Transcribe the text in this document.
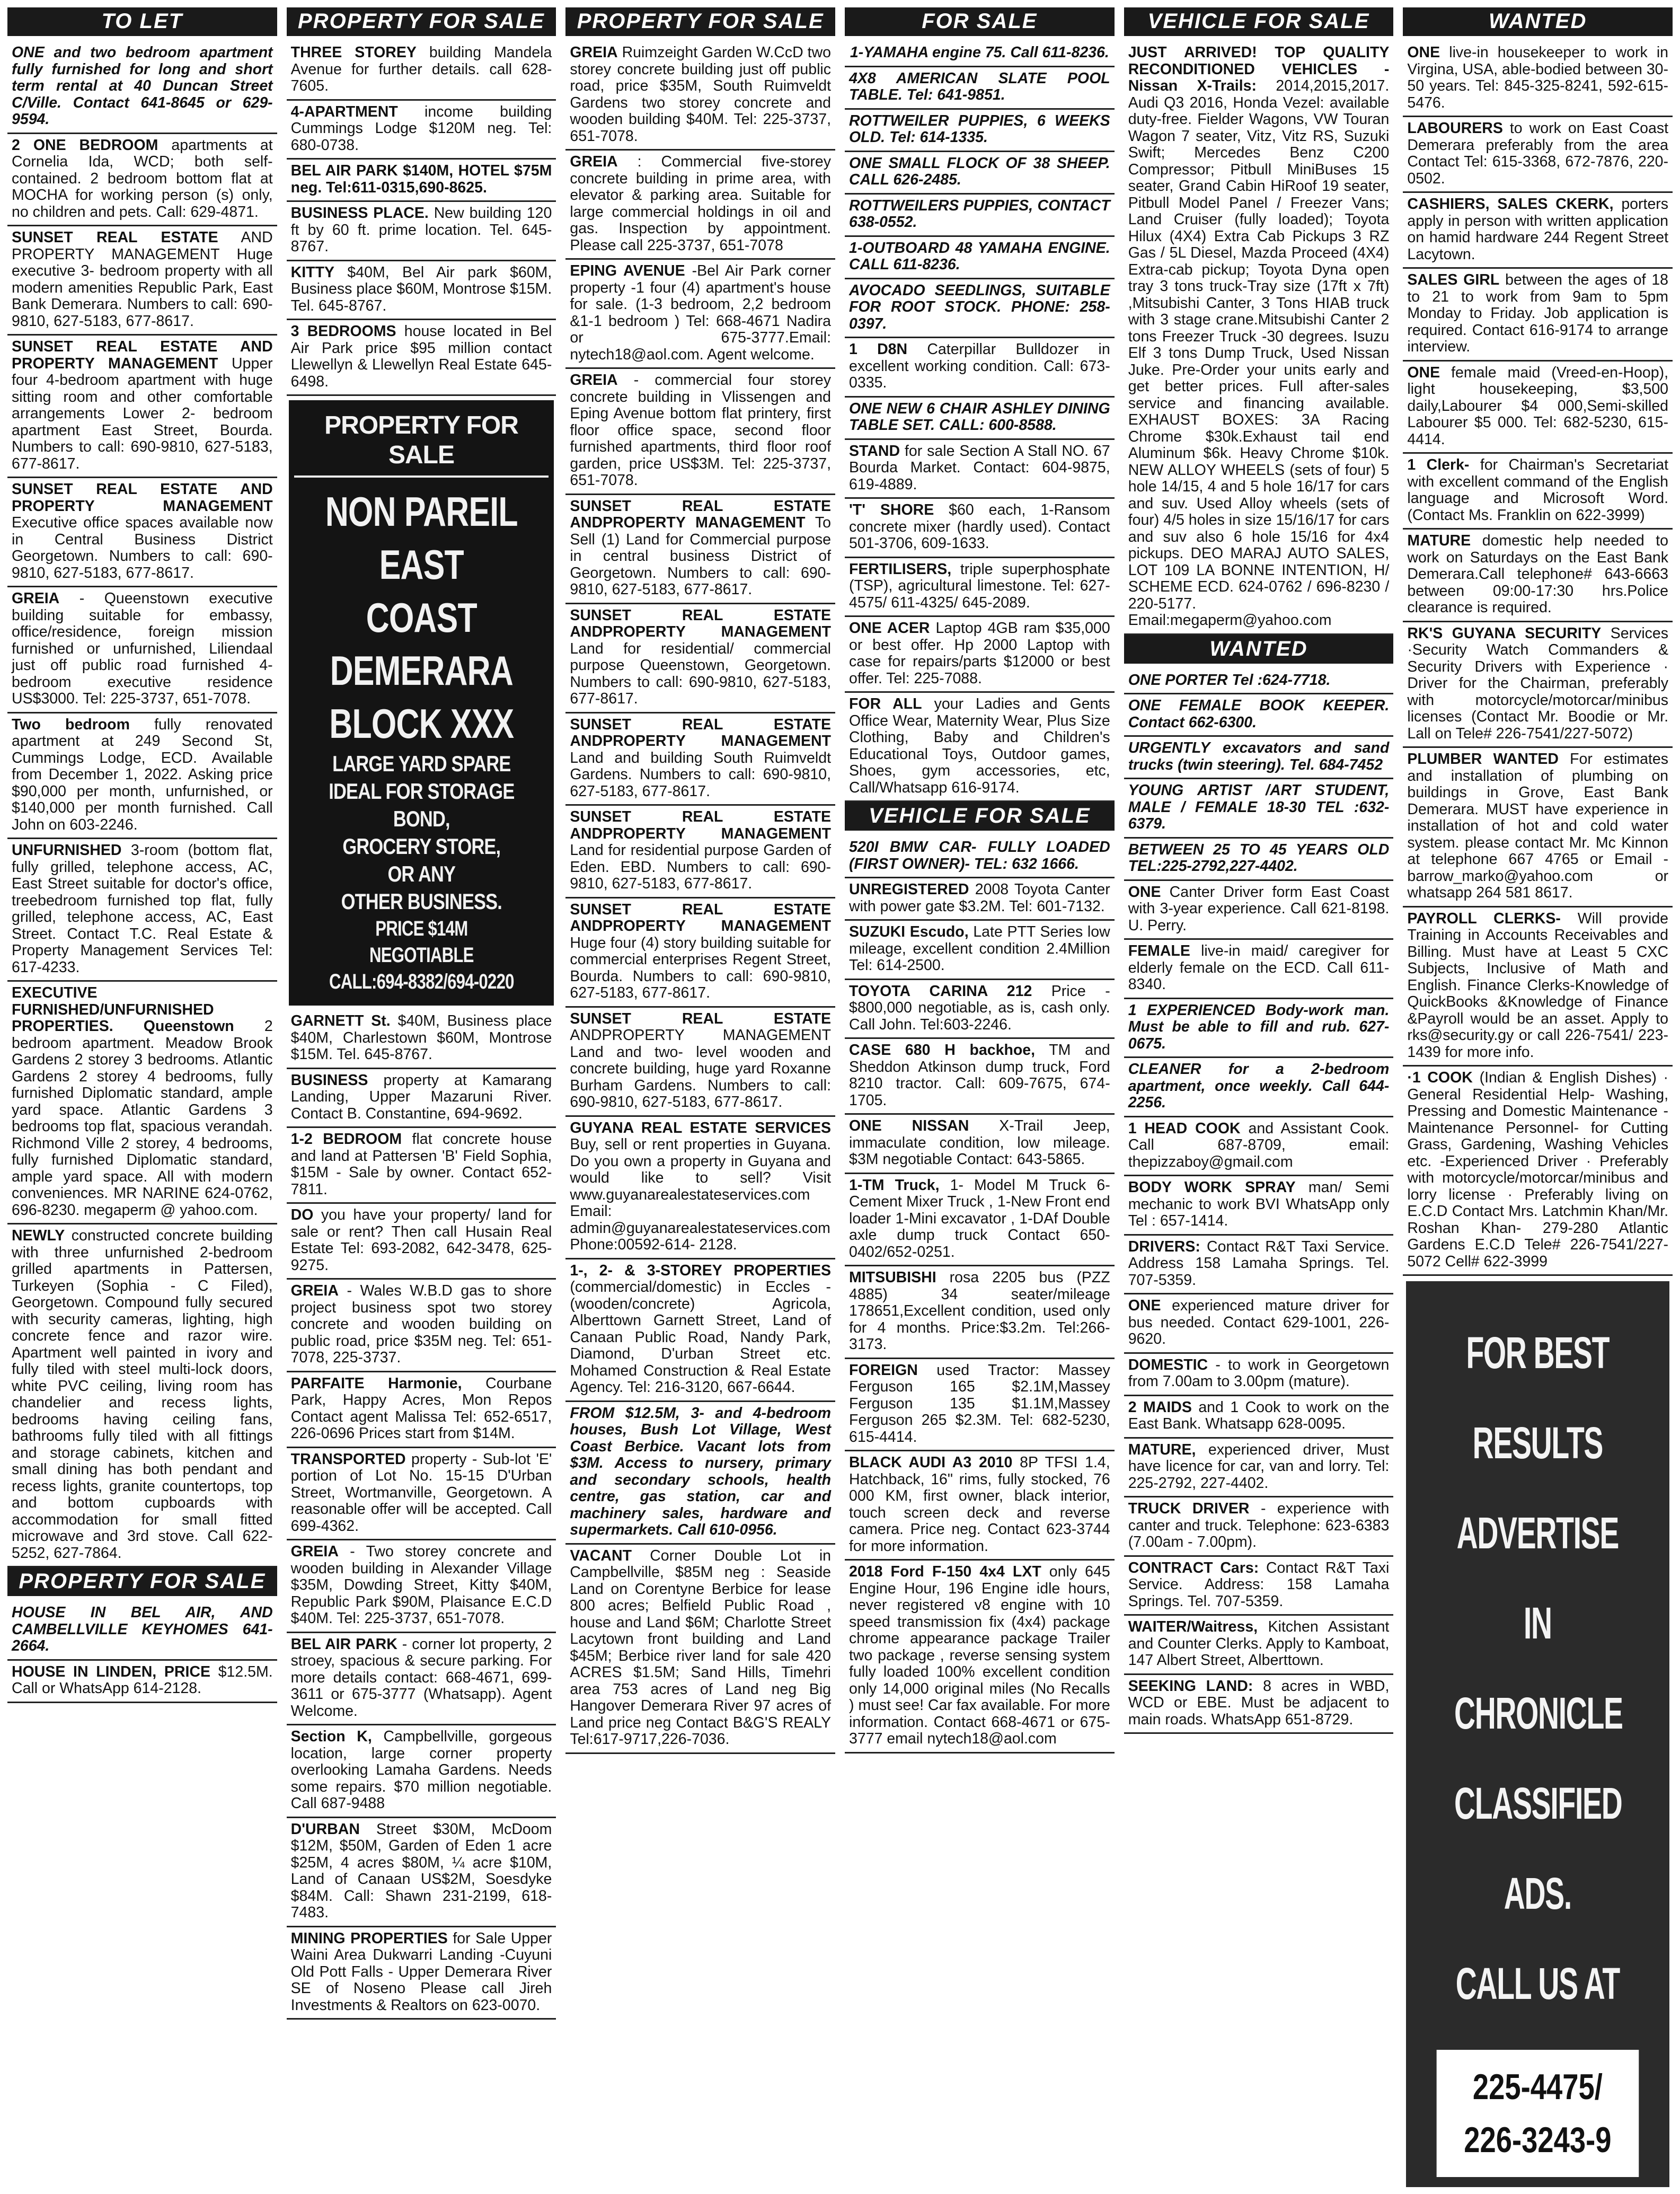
TO LET
ONE and two bedroom apartment fully furnished for long and short term rental at 40 Duncan Street C/Ville. Contact 641-8645 or 629-9594.
2 ONE BEDROOM apartments at Cornelia Ida, WCD; both self-contained. 2 bedroom bottom flat at MOCHA for working person (s) only, no children and pets. Call: 629-4871.
SUNSET REAL ESTATE AND PROPERTY MANAGEMENT Huge executive 3- bedroom property with all modern amenities Republic Park, East Bank Demerara. Numbers to call: 690-9810, 627-5183, 677-8617.
SUNSET REAL ESTATE AND PROPERTY MANAGEMENT Upper four 4-bedroom apartment with huge sitting room and other comfortable arrangements Lower 2- bedroom apartment East Street, Bourda. Numbers to call: 690-9810, 627-5183, 677-8617.
SUNSET REAL ESTATE AND PROPERTY MANAGEMENT Executive office spaces available now in Central Business District Georgetown. Numbers to call: 690-9810, 627-5183, 677-8617.
GREIA - Queenstown executive building suitable for embassy, office/residence, foreign mission furnished or unfurnished, Liliendaal just off public road furnished 4-bedroom executive residence US$3000. Tel: 225-3737, 651-7078.
Two bedroom fully renovated apartment at 249 Second St, Cummings Lodge, ECD. Available from December 1, 2022. Asking price $90,000 per month, unfurnished, or $140,000 per month furnished. Call John on 603-2246.
UNFURNISHED 3-room (bottom flat, fully grilled, telephone access, AC, East Street suitable for doctor's office, treebedroom furnished top flat, fully grilled, telephone access, AC, East Street. Contact T.C. Real Estate & Property Management Services Tel: 617-4233.
EXECUTIVE FURNISHED/UNFURNISHED PROPERTIES. Queenstown 2 bedroom apartment. Meadow Brook Gardens 2 storey 3 bedrooms. Atlantic Gardens 2 storey 4 bedrooms, fully furnished Diplomatic standard, ample yard space. Atlantic Gardens 3 bedrooms top flat, spacious verandah. Richmond Ville 2 storey, 4 bedrooms, fully furnished Diplomatic standard, ample yard space. All with modern conveniences. MR NARINE 624-0762, 696-8230. megaperm @ yahoo.com.
NEWLY constructed concrete building with three unfurnished 2-bedroom grilled apartments in Pattersen, Turkeyen (Sophia - C Filed), Georgetown. Compound fully secured with security cameras, lighting, high concrete fence and razor wire. Apartment well painted in ivory and fully tiled with steel multi-lock doors, white PVC ceiling, living room has chandelier and recess lights, bedrooms having ceiling fans, bathrooms fully tiled with all fittings and storage cabinets, kitchen and small dining has both pendant and recess lights, granite countertops, top and bottom cupboards with accommodation for small fitted microwave and 3rd stove. Call 622-5252, 627-7864.
PROPERTY FOR SALE
HOUSE IN BEL AIR, AND CAMBELLVILLE KEYHOMES 641-2664.
HOUSE IN LINDEN, PRICE $12.5M. Call or WhatsApp 614-2128.
PROPERTY FOR SALE
THREE STOREY building Mandela Avenue for further details. call 628-7605.
4-APARTMENT income building Cummings Lodge $120M neg. Tel: 680-0738.
BEL AIR PARK $140M, HOTEL $75M neg. Tel:611-0315,690-8625.
BUSINESS PLACE. New building 120 ft by 60 ft. prime location. Tel. 645-8767.
KITTY $40M, Bel Air park $60M, Business place $60M, Montrose $15M. Tel. 645-8767.
3 BEDROOMS house located in Bel Air Park price $95 million contact Llewellyn & Llewellyn Real Estate 645-6498.
PROPERTY FOR SALE
NON PAREIL
EAST COAST
DEMERARA
BLOCK XXX
LARGE YARD SPARE
IDEAL FOR STORAGE
BOND,
GROCERY STORE,
OR ANY
OTHER BUSINESS.
PRICE $14M NEGOTIABLE
CALL:694-8382/694-0220
GARNETT St. $40M, Business place $40M, Charlestown $60M, Montrose $15M. Tel. 645-8767.
BUSINESS property at Kamarang Landing, Upper Mazaruni River. Contact B. Constantine, 694-9692.
1-2 BEDROOM flat concrete house and land at Pattersen 'B' Field Sophia, $15M - Sale by owner. Contact 652-7811.
DO you have your property/ land for sale or rent? Then call Husain Real Estate Tel: 693-2082, 642-3478, 625-9275.
GREIA - Wales W.B.D gas to shore project business spot two storey concrete and wooden building on public road, price $35M neg. Tel: 651-7078, 225-3737.
PARFAITE Harmonie, Courbane Park, Happy Acres, Mon Repos Contact agent Malissa Tel: 652-6517, 226-0696 Prices start from $14M.
TRANSPORTED property - Sub-lot 'E' portion of Lot No. 15-15 D'Urban Street, Wortmanville, Georgetown. A reasonable offer will be accepted. Call 699-4362.
GREIA - Two storey concrete and wooden building in Alexander Village $35M, Dowding Street, Kitty $40M, Republic Park $90M, Plaisance E.C.D $40M. Tel: 225-3737, 651-7078.
BEL AIR PARK - corner lot property, 2 stroey, spacious & secure parking. For more details contact: 668-4671, 699-3611 or 675-3777 (Whatsapp). Agent Welcome.
Section K, Campbellville, gorgeous location, large corner property overlooking Lamaha Gardens. Needs some repairs. $70 million negotiable. Call 687-9488
D'URBAN Street $30M, McDoom $12M, $50M, Garden of Eden 1 acre $25M, 4 acres $80M, ¼ acre $10M, Land of Canaan US$2M, Soesdyke $84M. Call: Shawn 231-2199, 618-7483.
MINING PROPERTIES for Sale Upper Waini Area Dukwarri Landing -Cuyuni Old Pott Falls - Upper Demerara River SE of Noseno Please call Jireh Investments & Realtors on 623-0070.
PROPERTY FOR SALE
GREIA Ruimzeight Garden W.CcD two storey concrete building just off public road, price $35M, South Ruimveldt Gardens two storey concrete and wooden building $40M. Tel: 225-3737, 651-7078.
GREIA : Commercial five-storey concrete building in prime area, with elevator & parking area. Suitable for large commercial holdings in oil and gas. Inspection by appointment. Please call 225-3737, 651-7078
EPING AVENUE -Bel Air Park corner property -1 four (4) apartment's house for sale. (1-3 bedroom, 2,2 bedroom &1-1 bedroom ) Tel: 668-4671 Nadira or 675-3777.Email: nytech18@aol.com. Agent welcome.
GREIA - commercial four storey concrete building in Vlissengen and Eping Avenue bottom flat printery, first floor office space, second floor furnished apartments, third floor roof garden, price US$3M. Tel: 225-3737, 651-7078.
SUNSET REAL ESTATE ANDPROPERTY MANAGEMENT To Sell (1) Land for Commercial purpose in central business District of Georgetown. Numbers to call: 690-9810, 627-5183, 677-8617.
SUNSET REAL ESTATE ANDPROPERTY MANAGEMENT Land for residential/ commercial purpose Queenstown, Georgetown. Numbers to call: 690-9810, 627-5183, 677-8617.
SUNSET REAL ESTATE ANDPROPERTY MANAGEMENT Land and building South Ruimveldt Gardens. Numbers to call: 690-9810, 627-5183, 677-8617.
SUNSET REAL ESTATE ANDPROPERTY MANAGEMENT Land for residential purpose Garden of Eden. EBD. Numbers to call: 690-9810, 627-5183, 677-8617.
SUNSET REAL ESTATE ANDPROPERTY MANAGEMENT Huge four (4) story building suitable for commercial enterprises Regent Street, Bourda. Numbers to call: 690-9810, 627-5183, 677-8617.
SUNSET REAL ESTATE ANDPROPERTY MANAGEMENT Land and two- level wooden and concrete building, huge yard Roxanne Burham Gardens. Numbers to call: 690-9810, 627-5183, 677-8617.
GUYANA REAL ESTATE SERVICES Buy, sell or rent properties in Guyana. Do you own a property in Guyana and would like to sell? Visit www.guyanarealestateservices.com Email: admin@guyanarealestateservices.com Phone:00592-614- 2128.
1-, 2- & 3-STOREY PROPERTIES (commercial/domestic) in Eccles - (wooden/concrete) Agricola, Alberttown Garnett Street, Land of Canaan Public Road, Nandy Park, Diamond, D'urban Street etc. Mohamed Construction & Real Estate Agency. Tel: 216-3120, 667-6644.
FROM $12.5M, 3- and 4-bedroom houses, Bush Lot Village, West Coast Berbice. Vacant lots from $3M. Access to nursery, primary and secondary schools, health centre, gas station, car and machinery sales, hardware and supermarkets. Call 610-0956.
VACANT Corner Double Lot in Campbellville, $85M neg : Seaside Land on Corentyne Berbice for lease 800 acres; Belfield Public Road , house and Land $6M; Charlotte Street Lacytown front building and Land $45M; Berbice river land for sale 420 ACRES $1.5M; Sand Hills, Timehri area 753 acres of Land neg Big Hangover Demerara River 97 acres of Land price neg Contact B&G'S REALY Tel:617-9717,226-7036.
FOR SALE
1-YAMAHA engine 75. Call 611-8236.
4X8 AMERICAN SLATE POOL TABLE. Tel: 641-9851.
ROTTWEILER PUPPIES, 6 WEEKS OLD. Tel: 614-1335.
ONE SMALL FLOCK OF 38 SHEEP. CALL 626-2485.
ROTTWEILERS PUPPIES, CONTACT 638-0552.
1-OUTBOARD 48 YAMAHA ENGINE. CALL 611-8236.
AVOCADO SEEDLINGS, SUITABLE FOR ROOT STOCK. PHONE: 258-0397.
1 D8N Caterpillar Bulldozer in excellent working condition. Call: 673-0335.
ONE NEW 6 CHAIR ASHLEY DINING TABLE SET. CALL: 600-8588.
STAND for sale Section A Stall NO. 67 Bourda Market. Contact: 604-9875, 619-4889.
'T' SHORE $60 each, 1-Ransom concrete mixer (hardly used). Contact 501-3706, 609-1633.
FERTILISERS, triple superphosphate (TSP), agricultural limestone. Tel: 627-4575/ 611-4325/ 645-2089.
ONE ACER Laptop 4GB ram $35,000 or best offer. Hp 2000 Laptop with case for repairs/parts $12000 or best offer. Tel: 225-7088.
FOR ALL your Ladies and Gents Office Wear, Maternity Wear, Plus Size Clothing, Baby and Children's Educational Toys, Outdoor games, Shoes, gym accessories, etc, Call/Whatsapp 616-9174.
VEHICLE FOR SALE
520I BMW CAR- FULLY LOADED (FIRST OWNER)- TEL: 632 1666.
UNREGISTERED 2008 Toyota Canter with power gate $3.2M. Tel: 601-7132.
SUZUKI Escudo, Late PTT Series low mileage, excellent condition 2.4Million Tel: 614-2500.
TOYOTA CARINA 212 Price - $800,000 negotiable, as is, cash only. Call John. Tel:603-2246.
CASE 680 H backhoe, TM and Sheddon Atkinson dump truck, Ford 8210 tractor. Call: 609-7675, 674-1705.
ONE NISSAN X-Trail Jeep, immaculate condition, low mileage. $3M negotiable Contact: 643-5865.
1-TM Truck, 1- Model M Truck 6-Cement Mixer Truck , 1-New Front end loader 1-Mini excavator , 1-DAf Double axle dump truck Contact 650-0402/652-0251.
MITSUBISHI rosa 2205 bus (PZZ 4885) 34 seater/mileage 178651,Excellent condition, used only for 4 months. Price:$3.2m. Tel:266-3173.
FOREIGN used Tractor: Massey Ferguson 165 $2.1M,Massey Ferguson 135 $1.1M,Massey Ferguson 265 $2.3M. Tel: 682-5230, 615-4414.
BLACK AUDI A3 2010 8P TFSI 1.4, Hatchback, 16" rims, fully stocked, 76 000 KM, first owner, black interior, touch screen deck and reverse camera. Price neg. Contact 623-3744 for more information.
2018 Ford F-150 4x4 LXT only 645 Engine Hour, 196 Engine idle hours, never registered v8 engine with 10 speed transmission fix (4x4) package chrome appearance package Trailer two package , reverse sensing system fully loaded 100% excellent condition only 14,000 original miles (No Recalls ) must see! Car fax available. For more information. Contact 668-4671 or 675-3777 email nytech18@aol.com
VEHICLE FOR SALE
JUST ARRIVED! TOP QUALITY RECONDITIONED VEHICLES - Nissan X-Trails: 2014,2015,2017. Audi Q3 2016, Honda Vezel: available duty-free. Fielder Wagons, VW Touran Wagon 7 seater, Vitz, Vitz RS, Suzuki Swift; Mercedes Benz C200 Compressor; Pitbull MiniBuses 15 seater, Grand Cabin HiRoof 19 seater, Pitbull Model Panel / Freezer Vans; Land Cruiser (fully loaded); Toyota Hilux (4X4) Extra Cab Pickups 3 RZ Gas / 5L Diesel, Mazda Proceed (4X4) Extra-cab pickup; Toyota Dyna open tray 3 tons truck-Tray size (17ft x 7ft) ,Mitsubishi Canter, 3 Tons HIAB truck with 3 stage crane.Mitsubishi Canter 2 tons Freezer Truck -30 degrees. Isuzu Elf 3 tons Dump Truck, Used Nissan Juke. Pre-Order your units early and get better prices. Full after-sales service and financing available. EXHAUST BOXES: 3A Racing Chrome $30k.Exhaust tail end Aluminum $6k. Heavy Chrome $10k. NEW ALLOY WHEELS (sets of four) 5 hole 14/15, 4 and 5 hole 16/17 for cars and suv. Used Alloy wheels (sets of four) 4/5 holes in size 15/16/17 for cars and suv also 6 hole 15/16 for 4x4 pickups. DEO MARAJ AUTO SALES, LOT 109 LA BONNE INTENTION, H/ SCHEME ECD. 624-0762 / 696-8230 / 220-5177. Email:megaperm@yahoo.com
WANTED
ONE PORTER Tel :624-7718.
ONE FEMALE BOOK KEEPER. Contact 662-6300.
URGENTLY excavators and sand trucks (twin steering). Tel. 684-7452
YOUNG ARTIST /ART STUDENT, MALE / FEMALE 18-30 TEL :632-6379.
BETWEEN 25 TO 45 YEARS OLD TEL:225-2792,227-4402.
ONE Canter Driver form East Coast with 3-year experience. Call 621-8198. U. Perry.
FEMALE live-in maid/ caregiver for elderly female on the ECD. Call 611-8340.
1 EXPERIENCED Body-work man. Must be able to fill and rub. 627-0675.
CLEANER for a 2-bedroom apartment, once weekly. Call 644-2256.
1 HEAD COOK and Assistant Cook. Call 687-8709, email: thepizzaboy@gmail.com
BODY WORK SPRAY man/ Semi mechanic to work BVI WhatsApp only Tel : 657-1414.
DRIVERS: Contact R&T Taxi Service. Address 158 Lamaha Springs. Tel. 707-5359.
ONE experienced mature driver for bus needed. Contact 629-1001, 226-9620.
DOMESTIC - to work in Georgetown from 7.00am to 3.00pm (mature).
2 MAIDS and 1 Cook to work on the East Bank. Whatsapp 628-0095.
MATURE, experienced driver, Must have licence for car, van and lorry. Tel: 225-2792, 227-4402.
TRUCK DRIVER - experience with canter and truck. Telephone: 623-6383 (7.00am - 7.00pm).
CONTRACT Cars: Contact R&T Taxi Service. Address: 158 Lamaha Springs. Tel. 707-5359.
WAITER/Waitress, Kitchen Assistant and Counter Clerks. Apply to Kamboat, 147 Albert Street, Alberttown.
SEEKING LAND: 8 acres in WBD, WCD or EBE. Must be adjacent to main roads. WhatsApp 651-8729.
WANTED
ONE live-in housekeeper to work in Virgina, USA, able-bodied between 30-50 years. Tel: 845-325-8241, 592-615-5476.
LABOURERS to work on East Coast Demerara preferably from the area Contact Tel: 615-3368, 672-7876, 220-0502.
CASHIERS, SALES CKERK, porters apply in person with written application on hamid hardware 244 Regent Street Lacytown.
SALES GIRL between the ages of 18 to 21 to work from 9am to 5pm Monday to Friday. Job application is required. Contact 616-9174 to arrange interview.
ONE female maid (Vreed-en-Hoop), light housekeeping, $3,500 daily,Labourer $4 000,Semi-skilled Labourer $5 000. Tel: 682-5230, 615-4414.
1 Clerk- for Chairman's Secretariat with excellent command of the English language and Microsoft Word. (Contact Ms. Franklin on 622-3999)
MATURE domestic help needed to work on Saturdays on the East Bank Demerara.Call telephone# 643-6663 between 09:00-17:30 hrs.Police clearance is required.
RK'S GUYANA SECURITY Services ·Security Watch Commanders & Security Drivers with Experience · Driver for the Chairman, preferably with motorcycle/motorcar/minibus licenses (Contact Mr. Boodie or Mr. Lall on Tele# 226-7541/227-5072)
PLUMBER WANTED For estimates and installation of plumbing on buildings in Grove, East Bank Demerara. MUST have experience in installation of hot and cold water system. please contact Mr. Mc Kinnon at telephone 667 4765 or Email - barrow_marko@yahoo.com or whatsapp 264 581 8617.
PAYROLL CLERKS- Will provide Training in Accounts Receivables and Billing. Must have at Least 5 CXC Subjects, Inclusive of Math and English. Finance Clerks-Knowledge of QuickBooks &Knowledge of Finance &Payroll would be an asset. Apply to rks@security.gy or call 226-7541/ 223-1439 for more info.
·1 COOK (Indian & English Dishes) · General Residential Help- Washing, Pressing and Domestic Maintenance - Maintenance Personnel- for Cutting Grass, Gardening, Washing Vehicles etc. -Experienced Driver · Preferably with motorcycle/motorcar/minibus and lorry license · Preferably living on E.C.D Contact Mrs. Latchmin Khan/Mr. Roshan Khan- 279-280 Atlantic Gardens E.C.D Tele# 226-7541/227-5072 Cell# 622-3999
FOR BEST RESULTS
ADVERTISE
IN CHRONICLE
CLASSIFIED ADS.
CALL US AT
225-4475/
226-3243-9
